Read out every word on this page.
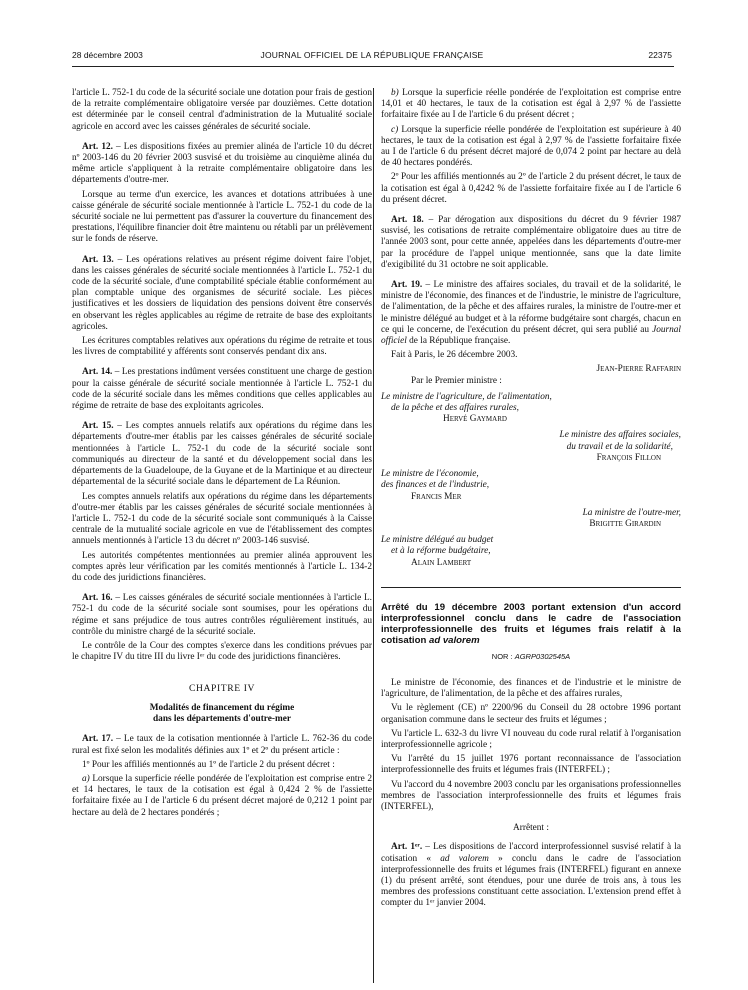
28 décembre 2003	JOURNAL OFFICIEL DE LA RÉPUBLIQUE FRANÇAISE	22375

l'article L. 752-1 du code de la sécurité sociale une dotation pour frais de gestion de la retraite complémentaire obligatoire versée par douzièmes. Cette dotation est déterminée par le conseil central d'administration de la Mutualité sociale agricole en accord avec les caisses générales de sécurité sociale.

Art. 12. – Les dispositions fixées au premier alinéa de l'article 10 du décret nº 2003-146 du 20 février 2003 susvisé et du troisième au cinquième alinéa du même article s'appliquent à la retraite complémentaire obligatoire dans les départements d'outre-mer.

Lorsque au terme d'un exercice, les avances et dotations attribuées à une caisse générale de sécurité sociale mentionnée à l'article L. 752-1 du code de la sécurité sociale ne lui permettent pas d'assurer la couverture du financement des prestations, l'équilibre financier doit être maintenu ou rétabli par un prélèvement sur le fonds de réserve.

Art. 13. – Les opérations relatives au présent régime doivent faire l'objet, dans les caisses générales de sécurité sociale mentionnées à l'article L. 752-1 du code de la sécurité sociale, d'une comptabilité spéciale établie conformément au plan comptable unique des organismes de sécurité sociale. Les pièces justificatives et les dossiers de liquidation des pensions doivent être conservés en observant les règles applicables au régime de retraite de base des exploitants agricoles.

Les écritures comptables relatives aux opérations du régime de retraite et tous les livres de comptabilité y afférents sont conservés pendant dix ans.

Art. 14. – Les prestations indûment versées constituent une charge de gestion pour la caisse générale de sécurité sociale mentionnée à l'article L. 752-1 du code de la sécurité sociale dans les mêmes conditions que celles applicables au régime de retraite de base des exploitants agricoles.

Art. 15. – Les comptes annuels relatifs aux opérations du régime dans les départements d'outre-mer établis par les caisses générales de sécurité sociale mentionnées à l'article L. 752-1 du code de la sécurité sociale sont communiqués au directeur de la santé et du développement social dans les départements de la Guadeloupe, de la Guyane et de la Martinique et au directeur départemental de la sécurité sociale dans le département de La Réunion.

Les comptes annuels relatifs aux opérations du régime dans les départements d'outre-mer établis par les caisses générales de sécurité sociale mentionnées à l'article L. 752-1 du code de la sécurité sociale sont communiqués à la Caisse centrale de la mutualité sociale agricole en vue de l'établissement des comptes annuels mentionnés à l'article 13 du décret nº 2003-146 susvisé.

Les autorités compétentes mentionnées au premier alinéa approuvent les comptes après leur vérification par les comités mentionnés à l'article L. 134-2 du code des juridictions financières.

Art. 16. – Les caisses générales de sécurité sociale mentionnées à l'article L. 752-1 du code de la sécurité sociale sont soumises, pour les opérations du régime et sans préjudice de tous autres contrôles régulièrement institués, au contrôle du ministre chargé de la sécurité sociale.

Le contrôle de la Cour des comptes s'exerce dans les conditions prévues par le chapitre IV du titre III du livre Iᵉʳ du code des juridictions financières.

CHAPITRE IV
Modalités de financement du régime
dans les départements d'outre-mer

Art. 17. – Le taux de la cotisation mentionnée à l'article L. 762-36 du code rural est fixé selon les modalités définies aux 1º et 2º du présent article :

1º Pour les affiliés mentionnés au 1º de l'article 2 du présent décret :

a) Lorsque la superficie réelle pondérée de l'exploitation est comprise entre 2 et 14 hectares, le taux de la cotisation est égal à 0,424 2 % de l'assiette forfaitaire fixée au I de l'article 6 du présent décret majoré de 0,212 1 point par hectare au delà de 2 hectares pondérés ;

b) Lorsque la superficie réelle pondérée de l'exploitation est comprise entre 14,01 et 40 hectares, le taux de la cotisation est égal à 2,97 % de l'assiette forfaitaire fixée au I de l'article 6 du présent décret ;

c) Lorsque la superficie réelle pondérée de l'exploitation est supérieure à 40 hectares, le taux de la cotisation est égal à 2,97 % de l'assiette forfaitaire fixée au I de l'article 6 du présent décret majoré de 0,074 2 point par hectare au delà de 40 hectares pondérés.

2º Pour les affiliés mentionnés au 2º de l'article 2 du présent décret, le taux de la cotisation est égal à 0,4242 % de l'assiette forfaitaire fixée au I de l'article 6 du présent décret.

Art. 18. – Par dérogation aux dispositions du décret du 9 février 1987 susvisé, les cotisations de retraite complémentaire obligatoire dues au titre de l'année 2003 sont, pour cette année, appelées dans les départements d'outre-mer par la procédure de l'appel unique mentionnée, sans que la date limite d'exigibilité du 31 octobre ne soit applicable.

Art. 19. – Le ministre des affaires sociales, du travail et de la solidarité, le ministre de l'économie, des finances et de l'industrie, le ministre de l'agriculture, de l'alimentation, de la pêche et des affaires rurales, la ministre de l'outre-mer et le ministre délégué au budget et à la réforme budgétaire sont chargés, chacun en ce qui le concerne, de l'exécution du présent décret, qui sera publié au Journal officiel de la République française.

Fait à Paris, le 26 décembre 2003.

Jean-Pierre Raffarin
Par le Premier ministre :
Le ministre de l'agriculture, de l'alimentation,
de la pêche et des affaires rurales,
Hervé Gaymard
Le ministre des affaires sociales,
du travail et de la solidarité,
François Fillon
Le ministre de l'économie,
des finances et de l'industrie,
Francis Mer
La ministre de l'outre-mer,
Brigitte Girardin
Le ministre délégué au budget
et à la réforme budgétaire,
Alain Lambert
Arrêté du 19 décembre 2003 portant extension d'un accord interprofessionnel conclu dans le cadre de l'association interprofessionnelle des fruits et légumes frais relatif à la cotisation ad valorem
NOR : AGRP0302545A

Le ministre de l'économie, des finances et de l'industrie et le ministre de l'agriculture, de l'alimentation, de la pêche et des affaires rurales,

Vu le règlement (CE) nº 2200/96 du Conseil du 28 octobre 1996 portant organisation commune dans le secteur des fruits et légumes ;

Vu l'article L. 632-3 du livre VI nouveau du code rural relatif à l'organisation interprofessionnelle agricole ;

Vu l'arrêté du 15 juillet 1976 portant reconnaissance de l'association interprofessionnelle des fruits et légumes frais (INTERFEL) ;

Vu l'accord du 4 novembre 2003 conclu par les organisations professionnelles membres de l'association interprofessionnelle des fruits et légumes frais (INTERFEL),

Arrêtent :

Art. 1ᵉʳ. – Les dispositions de l'accord interprofessionnel susvisé relatif à la cotisation « ad valorem » conclu dans le cadre de l'association interprofessionnelle des fruits et légumes frais (INTERFEL) figurant en annexe (1) du présent arrêté, sont étendues, pour une durée de trois ans, à tous les membres des professions constituant cette association. L'extension prend effet à compter du 1ᵉʳ janvier 2004.
